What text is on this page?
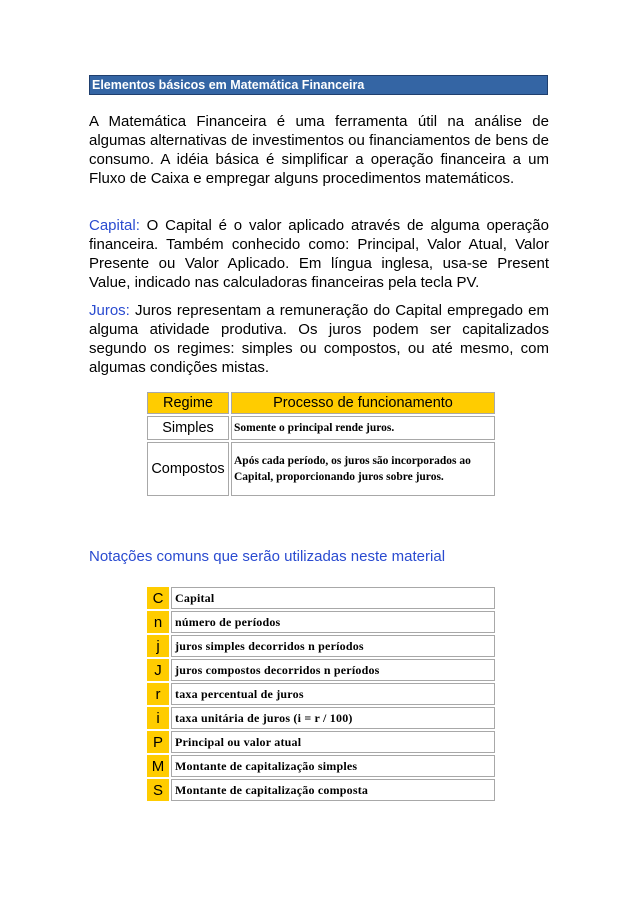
Elementos básicos em Matemática Financeira

A Matemática Financeira é uma ferramenta útil na análise de algumas alternativas de investimentos ou financiamentos de bens de consumo. A idéia básica é simplificar a operação financeira a um Fluxo de Caixa e empregar alguns procedimentos matemáticos.

Capital: O Capital é o valor aplicado através de alguma operação financeira. Também conhecido como: Principal, Valor Atual, Valor Presente ou Valor Aplicado. Em língua inglesa, usa-se Present Value, indicado nas calculadoras financeiras pela tecla PV.

Juros: Juros representam a remuneração do Capital empregado em alguma atividade produtiva. Os juros podem ser capitalizados segundo os regimes: simples ou compostos, ou até mesmo, com algumas condições mistas.

Regime	Processo de funcionamento
Simples	Somente o principal rende juros.
Compostos	Após cada período, os juros são incorporados ao Capital, proporcionando juros sobre juros.

Notações comuns que serão utilizadas neste material

C	Capital
n	número de períodos
j	juros simples decorridos n períodos
J	juros compostos decorridos n períodos
r	taxa percentual de juros
i	taxa unitária de juros (i = r / 100)
P	Principal ou valor atual
M	Montante de capitalização simples
S	Montante de capitalização composta
